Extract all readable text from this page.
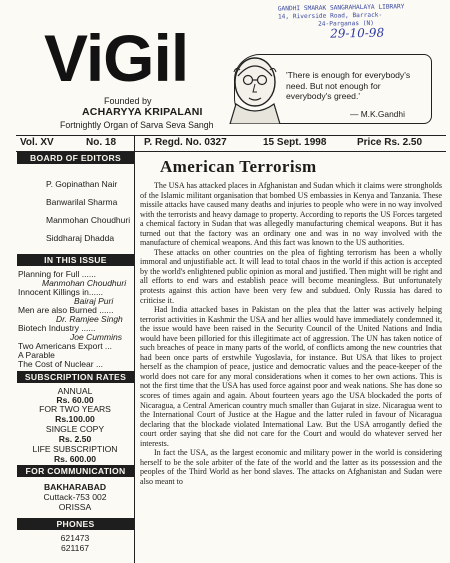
GANDHI SMARAK SANGRAHALAYA LIBRARY
14, Riverside Road, Barrack-
24-Parganas (N)
29-10-98
ViGil
Founded by
ACHARYYA KRIPALANI
Fortnightly Organ of Sarva Seva Sangh
'There is enough for everybody's need. But not enough for everybody's greed.'
— M.K.Gandhi
Vol. XV	No. 18	P. Regd. No. 0327	15 Sept. 1998	Price Rs. 2.50
BOARD OF EDITORS
P. Gopinathan Nair
Banwarilal Sharma
Manmohan Choudhuri
Siddharaj Dhadda
IN THIS ISSUE
Planning for Full ......
Manmohan Choudhuri
Innocent Killings in......
Bairaj Puri
Men are also Burned ......
Dr. Ramjee Singh
Biotech Industry ......
Joe Cummins
Two Americans Export ...
A Parable
The Cost of Nuclear ...
SUBSCRIPTION RATES
ANNUAL
Rs. 60.00
FOR TWO YEARS
Rs.100.00
SINGLE COPY
Rs. 2.50
LIFE SUBSCRIPTION
Rs. 600.00
FOR COMMUNICATION
BAKHARABAD
Cuttack-753 002
ORISSA
PHONES
621473
621167
American Terrorism

The USA has attacked places in Afghanistan and Sudan which it claims were strongholds of the Islamic militant organisation that bombed US embassies in Kenya and Tanzania. These missile attacks have caused many deaths and injuries to people who were in no way involved with the terrorists and heavy damage to property. According to reports the US Forces targeted a chemical factory in Sudan that was allegedly manufacturing chemical weapons. But it has turned out that the factory was an ordinary one and was in no way involved with the manufacture of chemical weapons. And this fact was known to the US authorities.

These attacks on other countries on the plea of fighting terrorism has been a wholly immoral and unjustifiable act. It will lead to total chaos in the world if this action is accepted by the world's enlightened public opinion as moral and justified. Then might will be right and all efforts to end wars and establish peace will become meaningless. But unfortunately protests against this action have been very few and subdued. Only Russia has dared to criticise it.

Had India attacked bases in Pakistan on the plea that the latter was actively helping terrorist activities in Kashmir the USA and her allies would have immediately condemned it, the issue would have been raised in the Security Council of the United Nations and India would have been pilloried for this illegitimate act of aggression. The UN has taken notice of such breaches of peace in many parts of the world, of conflicts among the new countries that had been once parts of erstwhile Yugoslavia, for instance. But USA that likes to project herself as the champion of peace, justice and democratic values and the peace-keeper of the world does not care for any moral considerations when it comes to her own actions. This is not the first time that the USA has used force against poor and weak nations. She has done so scores of times again and again. About fourteen years ago the USA blockaded the ports of Nicaragua, a Central American country much smaller than Gujarat in size. Nicaragua went to the International Court of Justice at the Hague and the latter ruled in favour of Nicaragua declaring that the blockade violated International Law. But the USA arrogantly defied the court order saying that she did not care for the Court and would do whatever served her interests.

In fact the USA, as the largest economic and military power in the world is considering herself to be the sole arbiter of the fate of the world and the latter as its possession and the peoples of the Third World as her bond slaves. The attacks on Afghanistan and Sudan were also meant to
